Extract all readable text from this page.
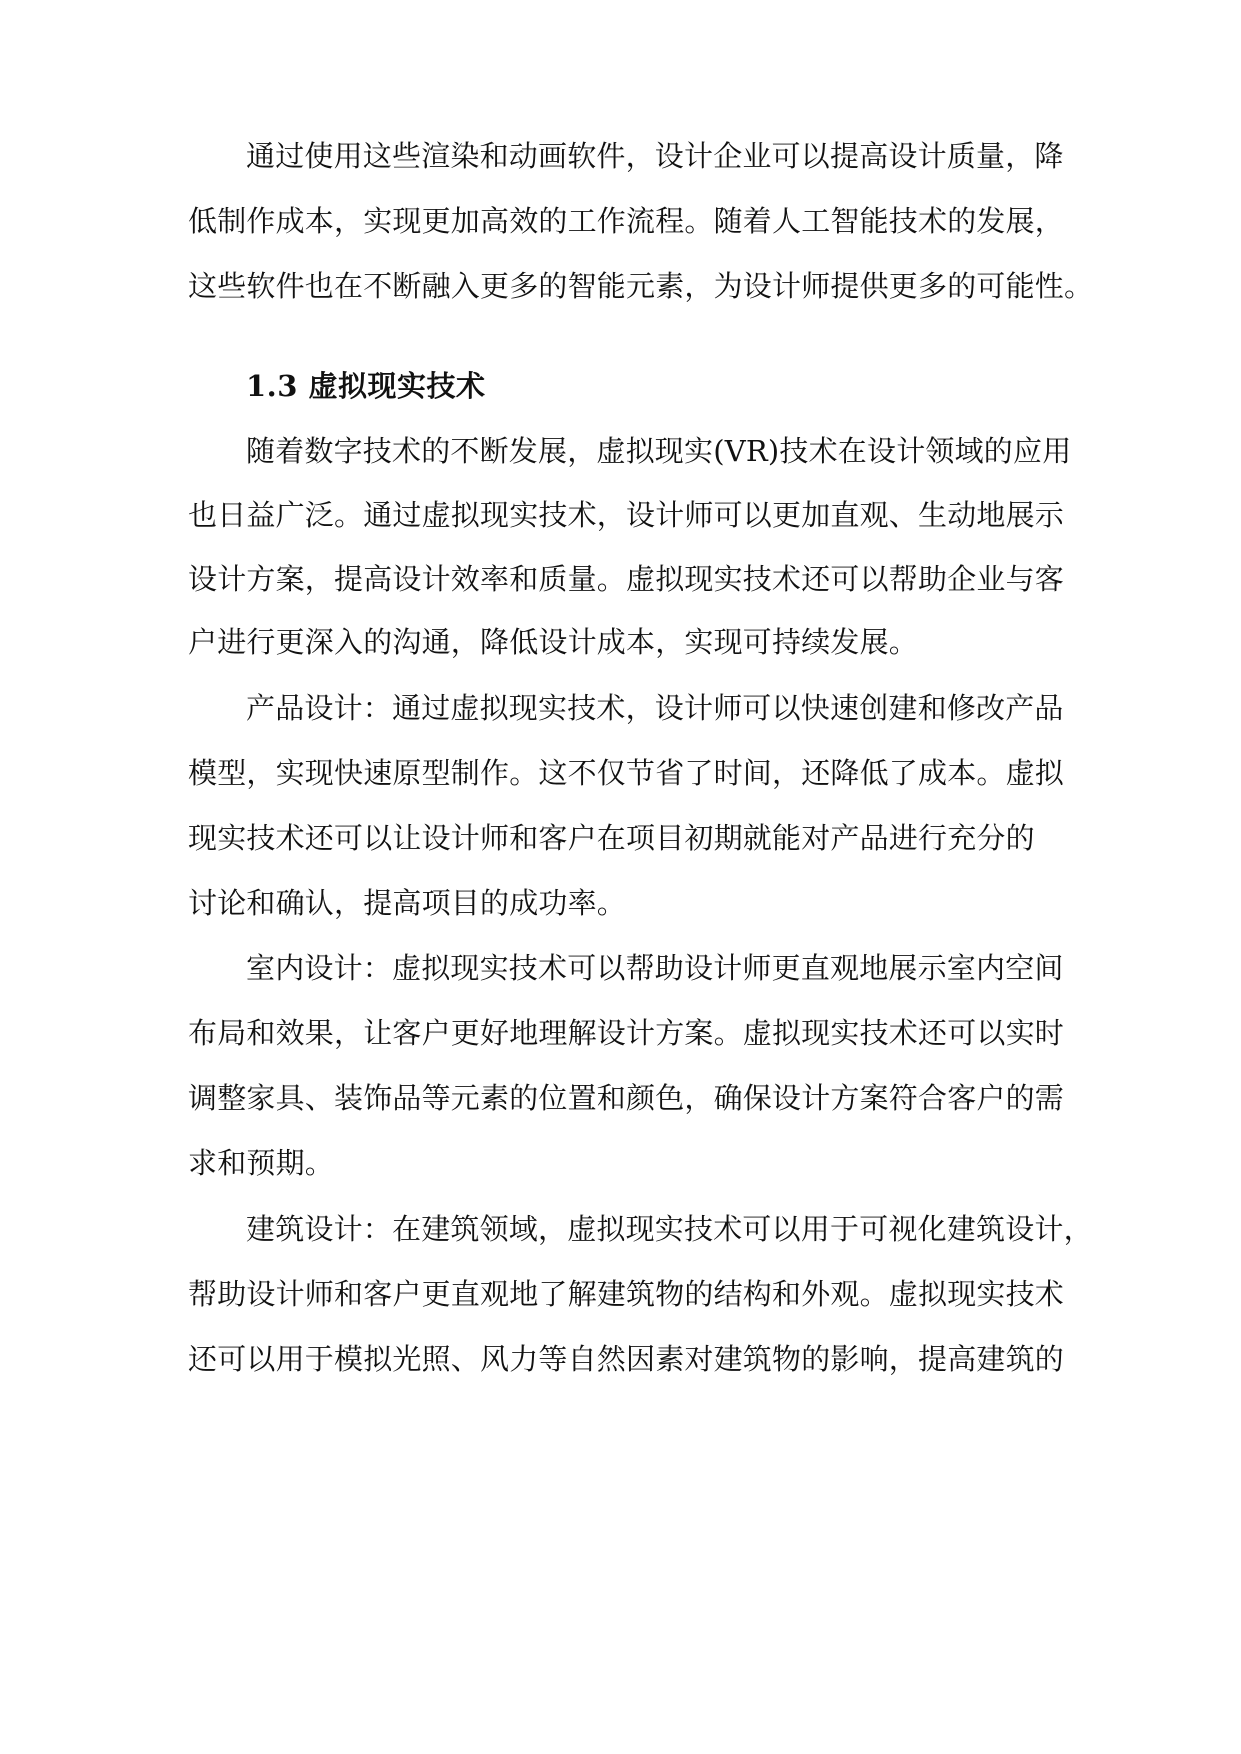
通过使用这些渲染和动画软件，设计企业可以提高设计质量，降
低制作成本，实现更加高效的工作流程。随着人工智能技术的发展，
这些软件也在不断融入更多的智能元素，为设计师提供更多的可能性。
1.3 虚拟现实技术
随着数字技术的不断发展，虚拟现实(VR)技术在设计领域的应用
也日益广泛。通过虚拟现实技术，设计师可以更加直观、生动地展示
设计方案，提高设计效率和质量。虚拟现实技术还可以帮助企业与客
户进行更深入的沟通，降低设计成本，实现可持续发展。
产品设计：通过虚拟现实技术，设计师可以快速创建和修改产品
模型，实现快速原型制作。这不仅节省了时间，还降低了成本。虚拟
现实技术还可以让设计师和客户在项目初期就能对产品进行充分的
讨论和确认，提高项目的成功率。
室内设计：虚拟现实技术可以帮助设计师更直观地展示室内空间
布局和效果，让客户更好地理解设计方案。虚拟现实技术还可以实时
调整家具、装饰品等元素的位置和颜色，确保设计方案符合客户的需
求和预期。
建筑设计：在建筑领域，虚拟现实技术可以用于可视化建筑设计，
帮助设计师和客户更直观地了解建筑物的结构和外观。虚拟现实技术
还可以用于模拟光照、风力等自然因素对建筑物的影响，提高建筑的
